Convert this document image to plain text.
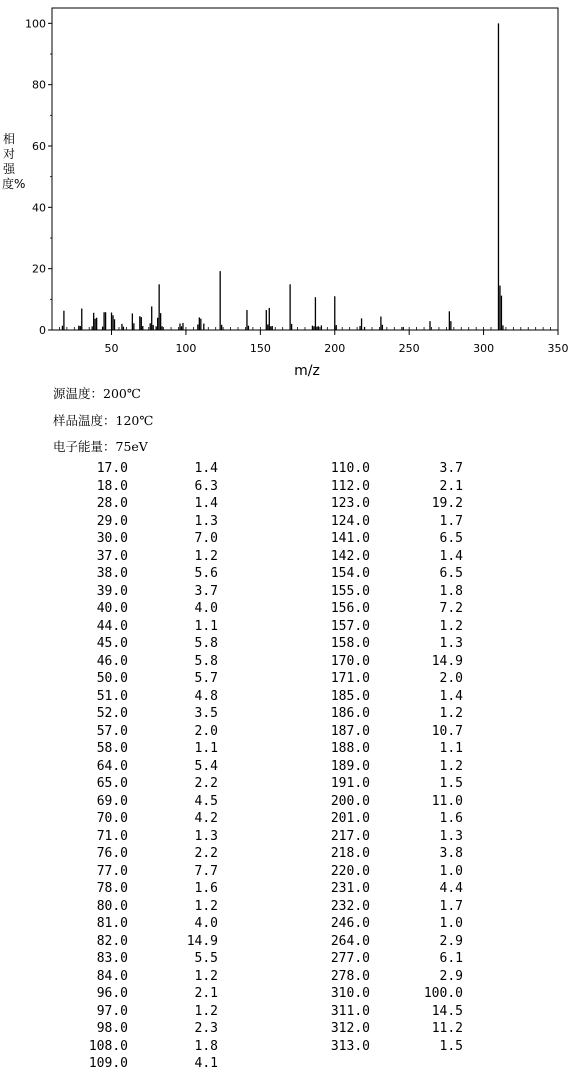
0
20
40
60
80
100
50	100	150	200	250	300	350
m/z
相对强度%
源温度：200℃
样品温度：120℃
电子能量：75eV
17.0	1.4
18.0	6.3
28.0	1.4
29.0	1.3
30.0	7.0
37.0	1.2
38.0	5.6
39.0	3.7
40.0	4.0
44.0	1.1
45.0	5.8
46.0	5.8
50.0	5.7
51.0	4.8
52.0	3.5
57.0	2.0
58.0	1.1
64.0	5.4
65.0	2.2
69.0	4.5
70.0	4.2
71.0	1.3
76.0	2.2
77.0	7.7
78.0	1.6
80.0	1.2
81.0	4.0
82.0	14.9
83.0	5.5
84.0	1.2
96.0	2.1
97.0	1.2
98.0	2.3
108.0	1.8
109.0	4.1
110.0	3.7
112.0	2.1
123.0	19.2
124.0	1.7
141.0	6.5
142.0	1.4
154.0	6.5
155.0	1.8
156.0	7.2
157.0	1.2
158.0	1.3
170.0	14.9
171.0	2.0
185.0	1.4
186.0	1.2
187.0	10.7
188.0	1.1
189.0	1.2
191.0	1.5
200.0	11.0
201.0	1.6
217.0	1.3
218.0	3.8
220.0	1.0
231.0	4.4
232.0	1.7
246.0	1.0
264.0	2.9
277.0	6.1
278.0	2.9
310.0	100.0
311.0	14.5
312.0	11.2
313.0	1.5
